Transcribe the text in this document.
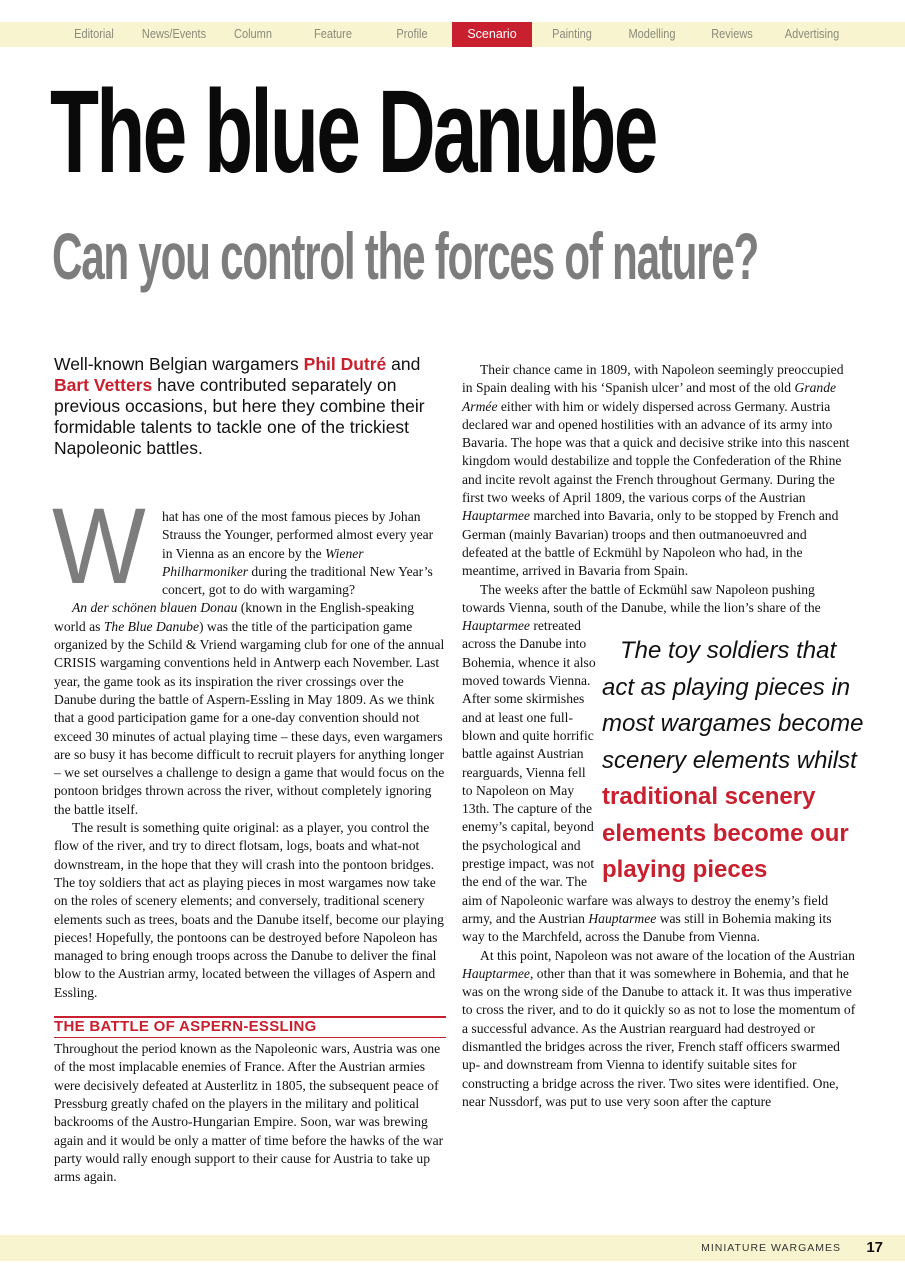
Editorial	News/Events	Column	Feature	Profile	Scenario	Painting	Modelling	Reviews	Advertising
The blue Danube
Can you control the forces of nature?
Well-known Belgian wargamers Phil Dutré and Bart Vetters have contributed separately on previous occasions, but here they combine their formidable talents to tackle one of the trickiest Napoleonic battles.

W hat has one of the most famous pieces by Johan Strauss the Younger, performed almost every year in Vienna as an encore by the Wiener Philharmoniker during the traditional New Year’s concert, got to do with wargaming?

An der schönen blauen Donau (known in the English-speaking world as The Blue Danube) was the title of the participation game organized by the Schild & Vriend wargaming club for one of the annual CRISIS wargaming conventions held in Antwerp each November. Last year, the game took as its inspiration the river crossings over the Danube during the battle of Aspern-Essling in May 1809. As we think that a good participation game for a one-day convention should not exceed 30 minutes of actual playing time – these days, even wargamers are so busy it has become difficult to recruit players for anything longer – we set ourselves a challenge to design a game that would focus on the pontoon bridges thrown across the river, without completely ignoring the battle itself.

The result is something quite original: as a player, you control the flow of the river, and try to direct flotsam, logs, boats and what-not downstream, in the hope that they will crash into the pontoon bridges. The toy soldiers that act as playing pieces in most wargames now take on the roles of scenery elements; and conversely, traditional scenery elements such as trees, boats and the Danube itself, become our playing pieces! Hopefully, the pontoons can be destroyed before Napoleon has managed to bring enough troops across the Danube to deliver the final blow to the Austrian army, located between the villages of Aspern and Essling.

THE BATTLE OF ASPERN-ESSLING

Throughout the period known as the Napoleonic wars, Austria was one of the most implacable enemies of France. After the Austrian armies were decisively defeated at Austerlitz in 1805, the subsequent peace of Pressburg greatly chafed on the players in the military and political backrooms of the Austro-Hungarian Empire. Soon, war was brewing again and it would be only a matter of time before the hawks of the war party would rally enough support to their cause for Austria to take up arms again.

Their chance came in 1809, with Napoleon seemingly preoccupied in Spain dealing with his ‘Spanish ulcer’ and most of the old Grande Armée either with him or widely dispersed across Germany. Austria declared war and opened hostilities with an advance of its army into Bavaria. The hope was that a quick and decisive strike into this nascent kingdom would destabilize and topple the Confederation of the Rhine and incite revolt against the French throughout Germany. During the first two weeks of April 1809, the various corps of the Austrian Hauptarmee marched into Bavaria, only to be stopped by French and German (mainly Bavarian) troops and then outmanoeuvred and defeated at the battle of Eckmühl by Napoleon who had, in the meantime, arrived in Bavaria from Spain.

The weeks after the battle of Eckmühl saw Napoleon pushing towards Vienna, south of the Danube, while the lion’s share of the
The toy soldiers that act as playing pieces in most wargames become scenery elements whilst traditional scenery elements become our playing pieces
Hauptarmee retreated across the Danube into Bohemia, whence it also moved towards Vienna. After some skirmishes and at least one full-blown and quite horrific battle against Austrian rearguards, Vienna fell to Napoleon on May 13th. The capture of the enemy’s capital, beyond the psychological and prestige impact, was not the end of the war. The aim of Napoleonic warfare was always to destroy the enemy’s field army, and the Austrian Hauptarmee was still in Bohemia making its way to the Marchfeld, across the Danube from Vienna.

At this point, Napoleon was not aware of the location of the Austrian Hauptarmee, other than that it was somewhere in Bohemia, and that he was on the wrong side of the Danube to attack it. It was thus imperative to cross the river, and to do it quickly so as not to lose the momentum of a successful advance. As the Austrian rearguard had destroyed or dismantled the bridges across the river, French staff officers swarmed up- and downstream from Vienna to identify suitable sites for constructing a bridge across the river. Two sites were identified. One, near Nussdorf, was put to use very soon after the capture

MINIATURE WARGAMES 17
